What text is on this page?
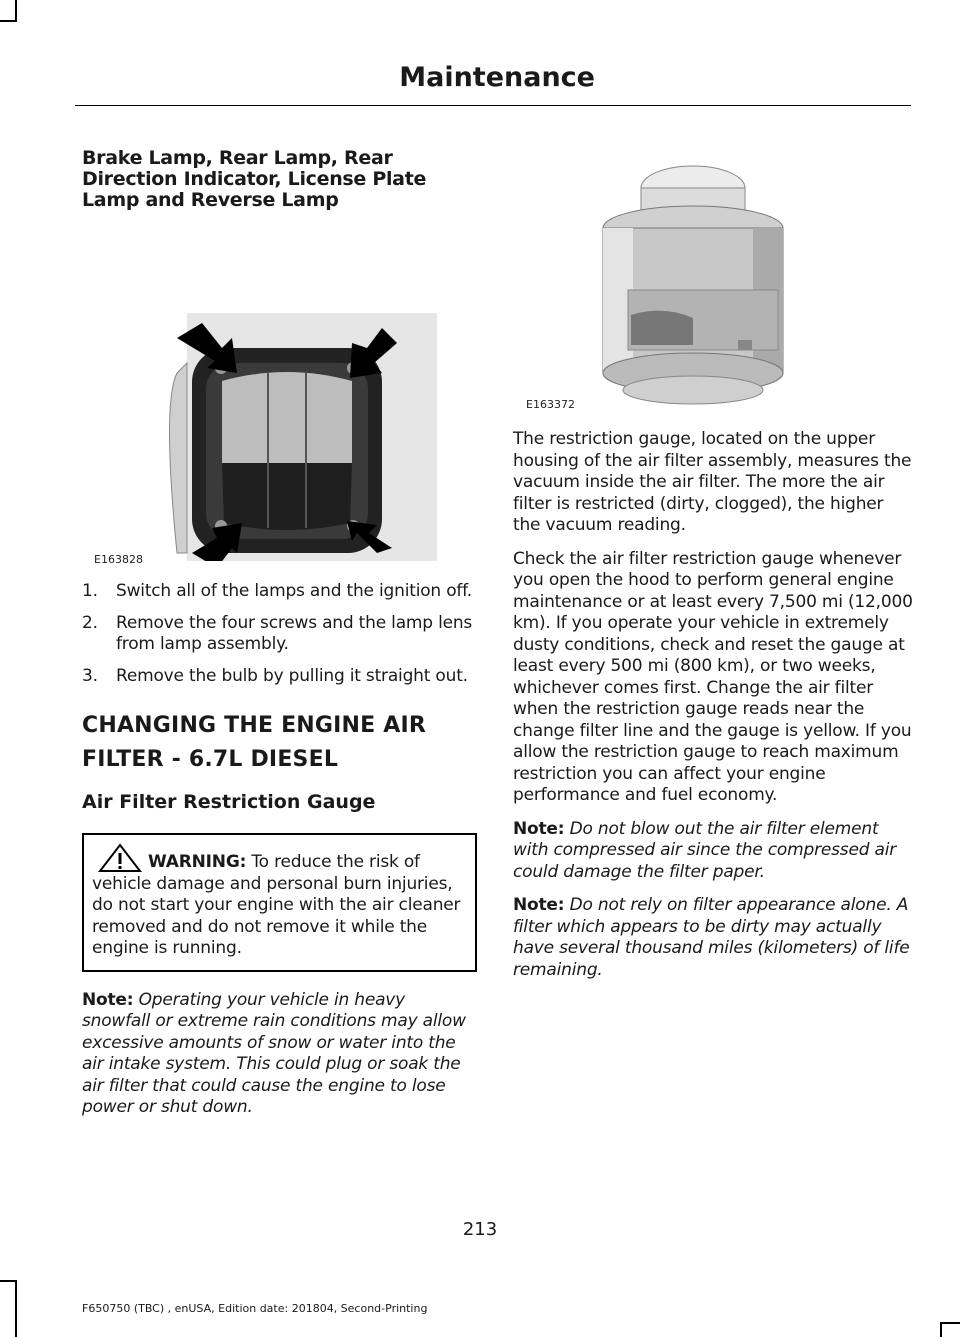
Maintenance
Brake Lamp, Rear Lamp, Rear Direction Indicator, License Plate Lamp and Reverse Lamp
E163828
1. Switch all of the lamps and the ignition off.
2. Remove the four screws and the lamp lens from lamp assembly.
3. Remove the bulb by pulling it straight out.
CHANGING THE ENGINE AIR FILTER - 6.7L DIESEL
Air Filter Restriction Gauge

WARNING: To reduce the risk of vehicle damage and personal burn injuries, do not start your engine with the air cleaner removed and do not remove it while the engine is running.

Note: Operating your vehicle in heavy snowfall or extreme rain conditions may allow excessive amounts of snow or water into the air intake system. This could plug or soak the air filter that could cause the engine to lose power or shut down.

E163372

The restriction gauge, located on the upper housing of the air filter assembly, measures the vacuum inside the air filter. The more the air filter is restricted (dirty, clogged), the higher the vacuum reading.

Check the air filter restriction gauge whenever you open the hood to perform general engine maintenance or at least every 7,500 mi (12,000 km). If you operate your vehicle in extremely dusty conditions, check and reset the gauge at least every 500 mi (800 km), or two weeks, whichever comes first. Change the air filter when the restriction gauge reads near the change filter line and the gauge is yellow. If you allow the restriction gauge to reach maximum restriction you can affect your engine performance and fuel economy.

Note: Do not blow out the air filter element with compressed air since the compressed air could damage the filter paper.

Note: Do not rely on filter appearance alone. A filter which appears to be dirty may actually have several thousand miles (kilometers) of life remaining.

213
F650750 (TBC) , enUSA, Edition date: 201804, Second-Printing
